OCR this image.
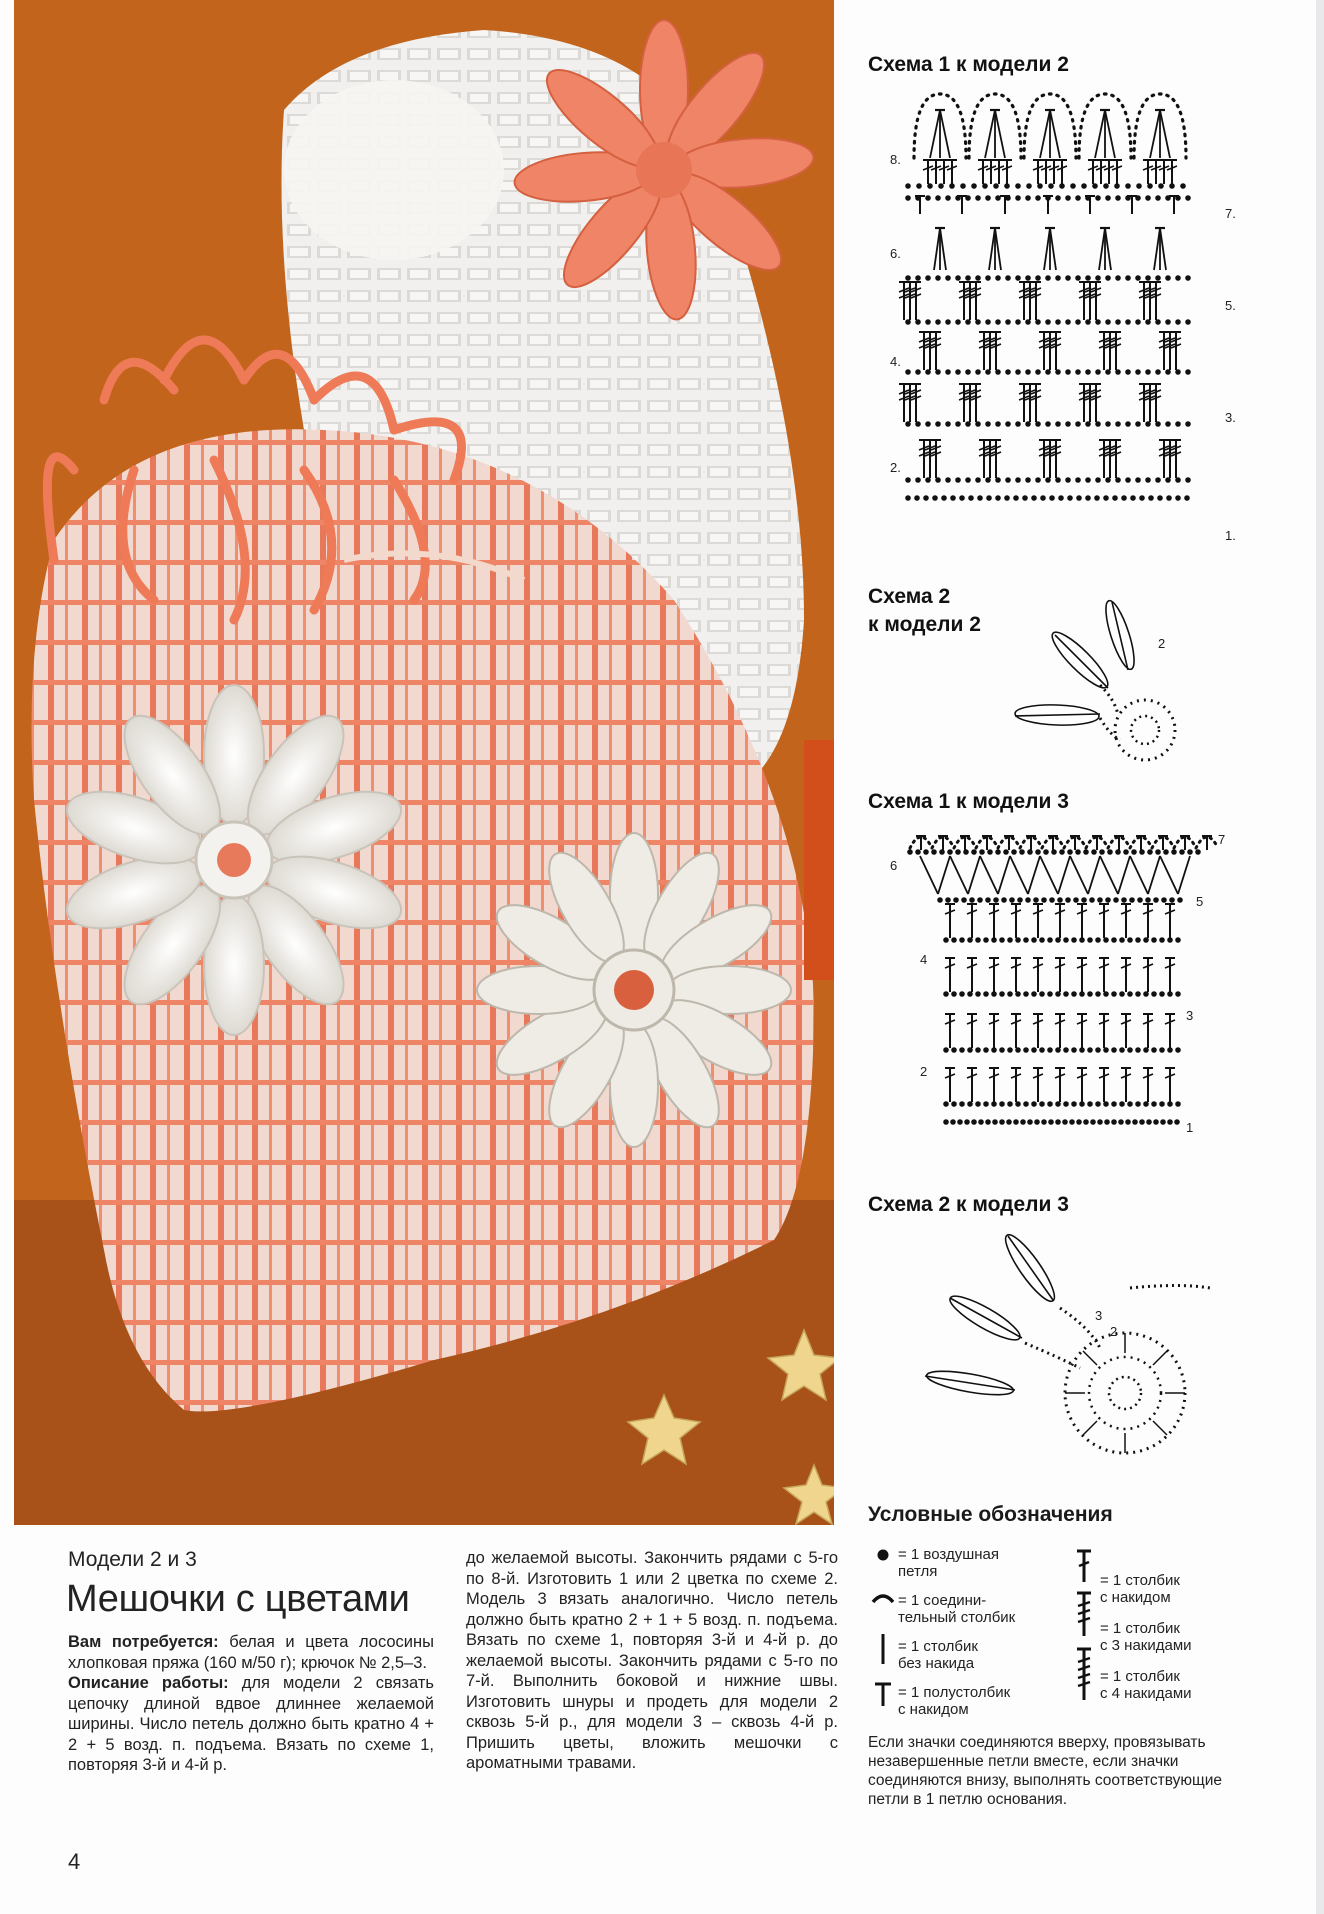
Схема 1 к модели 2
8.
6.
4.
2.
7.
5.
3.
1.
Схема 2
к модели 2
2
Схема 1 к модели 3
6
4
2
7
5
3
1
Схема 2 к модели 3
3
2
Условные обозначения
= 1 воздушная
петля
= 1 соедини-
тельный столбик
= 1 столбик
без накида
= 1 полустолбик
с накидом
= 1 столбик
с накидом
= 1 столбик
с 3 накидами
= 1 столбик
с 4 накидами
Если значки соединяются вверху, провязывать незавершенные петли вместе, если значки соединяются внизу, выполнять соответствующие петли в 1 петлю основания.
Модели 2 и 3
Мешочки с цветами
Вам потребуется: белая и цвета лососины хлопковая пряжа (160 м/50 г); крючок № 2,5–3.
Описание работы: для модели 2 связать цепочку длиной вдвое длиннее желаемой ширины. Число петель должно быть кратно 4 + 2 + 5 возд. п. подъема. Вязать по схеме 1, повторяя 3-й и 4-й р.
до желаемой высоты. Закончить рядами с 5-го по 8-й. Изготовить 1 или 2 цветка по схеме 2. Модель 3 вязать аналогично. Число петель должно быть кратно 2 + 1 + 5 возд. п. подъема. Вязать по схеме 1, повторяя 3-й и 4-й р. до желаемой высоты. Закончить рядами с 5-го по 7-й. Выполнить боковой и нижние швы. Изготовить шнуры и продеть для модели 2 сквозь 5-й р., для модели 3 – сквозь 4-й р. Пришить цветы, вложить мешочки с ароматными травами.
4
